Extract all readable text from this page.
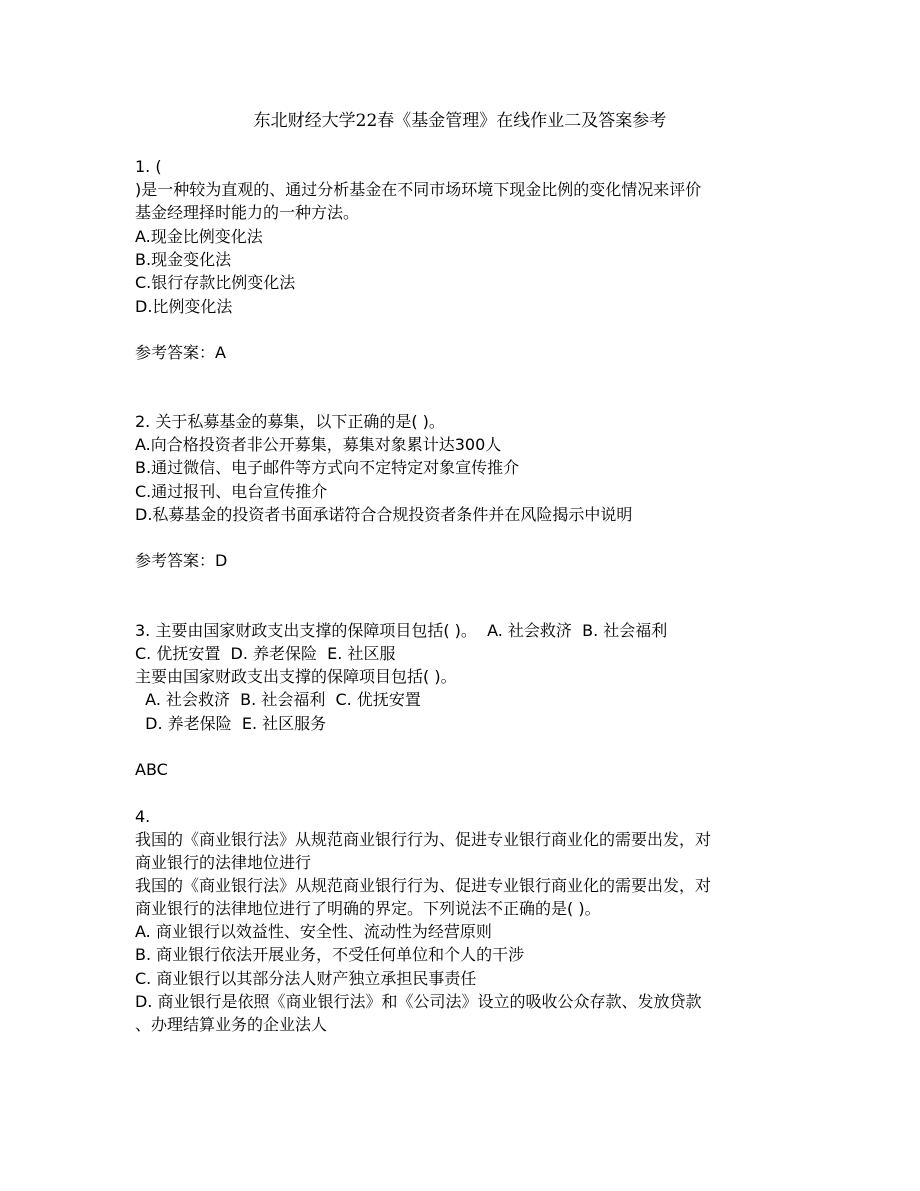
东北财经大学22春《基金管理》在线作业二及答案参考
1. (
)是一种较为直观的、通过分析基金在不同市场环境下现金比例的变化情况来评价
基金经理择时能力的一种方法。
A.现金比例变化法
B.现金变化法
C.银行存款比例变化法
D.比例变化法
参考答案：A
2. 关于私募基金的募集，以下正确的是( )。
A.向合格投资者非公开募集，募集对象累计达300人
B.通过微信、电子邮件等方式向不定特定对象宣传推介
C.通过报刊、电台宣传推介
D.私募基金的投资者书面承诺符合合规投资者条件并在风险揭示中说明
参考答案：D
3. 主要由国家财政支出支撑的保障项目包括( )。  A. 社会救济  B. 社会福利
C. 优抚安置  D. 养老保险  E. 社区服
主要由国家财政支出支撑的保障项目包括( )。
A. 社会救济  B. 社会福利  C. 优抚安置
D. 养老保险  E. 社区服务
ABC
4.
我国的《商业银行法》从规范商业银行行为、促进专业银行商业化的需要出发，对
商业银行的法律地位进行
我国的《商业银行法》从规范商业银行行为、促进专业银行商业化的需要出发，对
商业银行的法律地位进行了明确的界定。下列说法不正确的是( )。
A. 商业银行以效益性、安全性、流动性为经营原则
B. 商业银行依法开展业务，不受任何单位和个人的干涉
C. 商业银行以其部分法人财产独立承担民事责任
D. 商业银行是依照《商业银行法》和《公司法》设立的吸收公众存款、发放贷款
、办理结算业务的企业法人
